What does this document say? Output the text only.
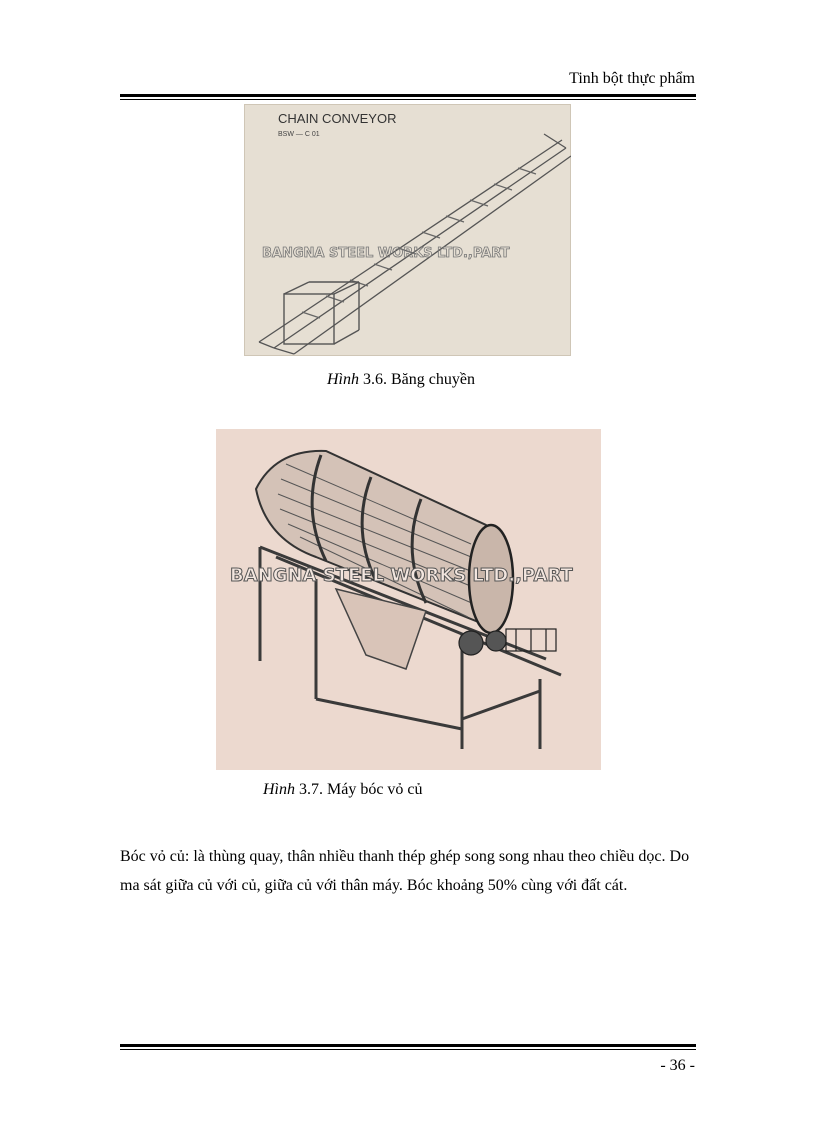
Tinh bột thực phẩm

CHAIN CONVEYOR
BSW — C 01
BANGNA STEEL WORKS LTD.,PART

Hình 3.6. Băng chuyền

BANGNA STEEL WORKS LTD.,PART

Hình 3.7. Máy bóc vỏ củ

Bóc vỏ củ: là thùng quay, thân nhiều thanh thép ghép song song nhau theo chiều dọc. Do ma sát giữa củ với củ, giữa củ với thân máy. Bóc khoảng 50% cùng với đất cát.

- 36 -
